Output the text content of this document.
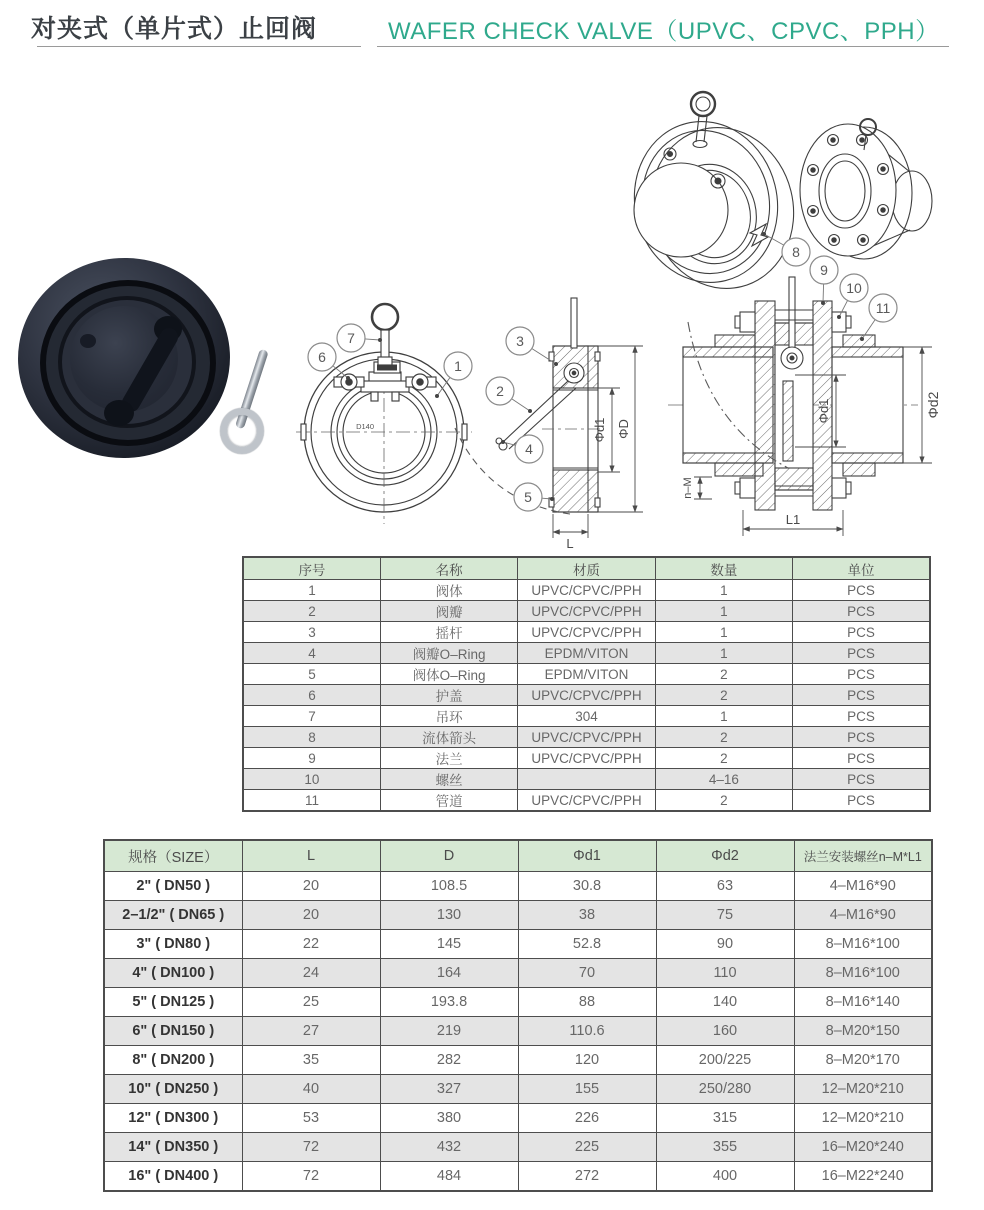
对夹式（单片式）止回阀	WAFER CHECK VALVE（UPVC、CPVC、PPH）
D140	Φd1 ΦD
L
Φd1	Φd2
n–M
L1
1
2
3
4
5
6
7
8
9
10
11
序号	名称	材质	数量	单位
1	阀体	UPVC/CPVC/PPH	1	PCS
2	阀瓣	UPVC/CPVC/PPH	1	PCS
3	摇杆	UPVC/CPVC/PPH	1	PCS
4	阀瓣O–Ring	EPDM/VITON	1	PCS
5	阀体O–Ring	EPDM/VITON	2	PCS
6	护盖	UPVC/CPVC/PPH	2	PCS
7	吊环	304	1	PCS
8	流体箭头	UPVC/CPVC/PPH	2	PCS
9	法兰	UPVC/CPVC/PPH	2	PCS
10	螺丝		4–16	PCS
11	管道	UPVC/CPVC/PPH	2	PCS
规格（SIZE）	L	D	Φd1	Φd2	法兰安装螺丝n–M*L1
2" ( DN50 )	20	108.5	30.8	63	4–M16*90
2–1/2" ( DN65 )	20	130	38	75	4–M16*90
3" ( DN80 )	22	145	52.8	90	8–M16*100
4" ( DN100 )	24	164	70	110	8–M16*100
5" ( DN125 )	25	193.8	88	140	8–M16*140
6" ( DN150 )	27	219	110.6	160	8–M20*150
8" ( DN200 )	35	282	120	200/225	8–M20*170
10" ( DN250 )	40	327	155	250/280	12–M20*210
12" ( DN300 )	53	380	226	315	12–M20*210
14" ( DN350 )	72	432	225	355	16–M20*240
16" ( DN400 )	72	484	272	400	16–M22*240
